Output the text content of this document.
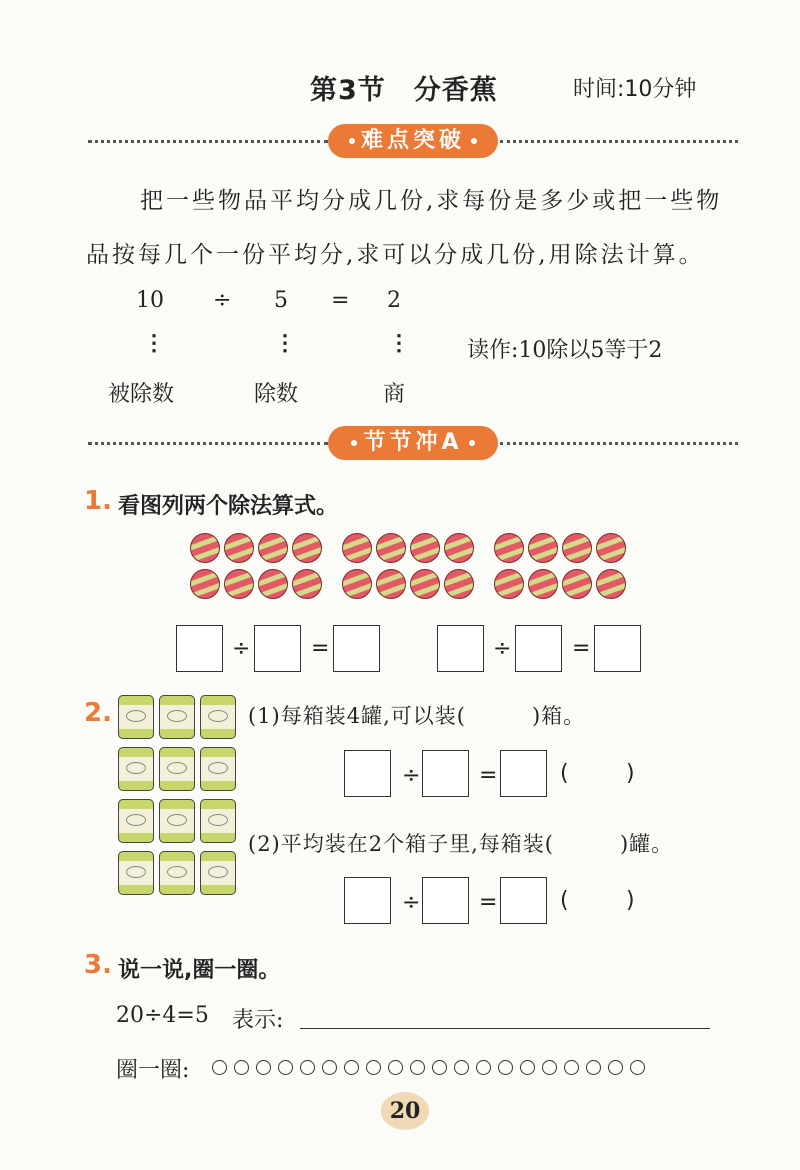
第3节　分香蕉	时间:10分钟
难点突破
把一些物品平均分成几份,求每份是多少或把一些物
品按每几个一份平均分,求可以分成几份,用除法计算。
10 ÷ 5 = 2
⋮	⋮	⋮	读作:10除以5等于2
被除数	除数	商
节节冲A
1. 看图列两个除法算式。
÷	=	÷	=
2.	(1)每箱装4罐,可以装(　　　)箱。
÷	=	(	)
(2)平均装在2个箱子里,每箱装(　　　)罐。
÷	=	(	)
3. 说一说,圈一圈。
20÷4=5 表示:
圈一圈:
20
